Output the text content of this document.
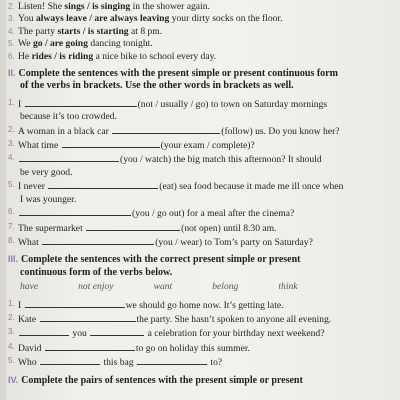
2. Listen! She sings / is singing in the shower again.
3. You always leave / are always leaving your dirty socks on the floor.
4. The party starts / is starting at 8 pm.
5. We go / are going dancing tonight.
6. He rides / is riding a nice bike to school every day.
II. Complete the sentences with the present simple or present continuous form
of the verbs in brackets. Use the other words in brackets as well.
1. I	(not / usually / go) to town on Saturday mornings
because it’s too crowded.
2. A woman in a black car	(follow) us. Do you know her?
3. What time	(your exam / complete)?
4.	(you / watch) the big match this afternoon? It should
be very good.
5. I never	(eat) sea food because it made me ill once when
I was younger.
6.	(you / go out) for a meal after the cinema?
7. The supermarket	(not open) until 8.30 am.
8. What	(you / wear) to Tom’s party on Saturday?
III. Complete the sentences with the correct present simple or present
continuous form of the verbs below.
have	not enjoy	want	belong	think
1. I	we should go home now. It’s getting late.
2. Kate	the party. She hasn’t spoken to anyone all evening.
3.	you	a celebration for your birthday next weekend?
4. David	to go on holiday this summer.
5. Who	this bag	to?
IV. Complete the pairs of sentences with the present simple or present
